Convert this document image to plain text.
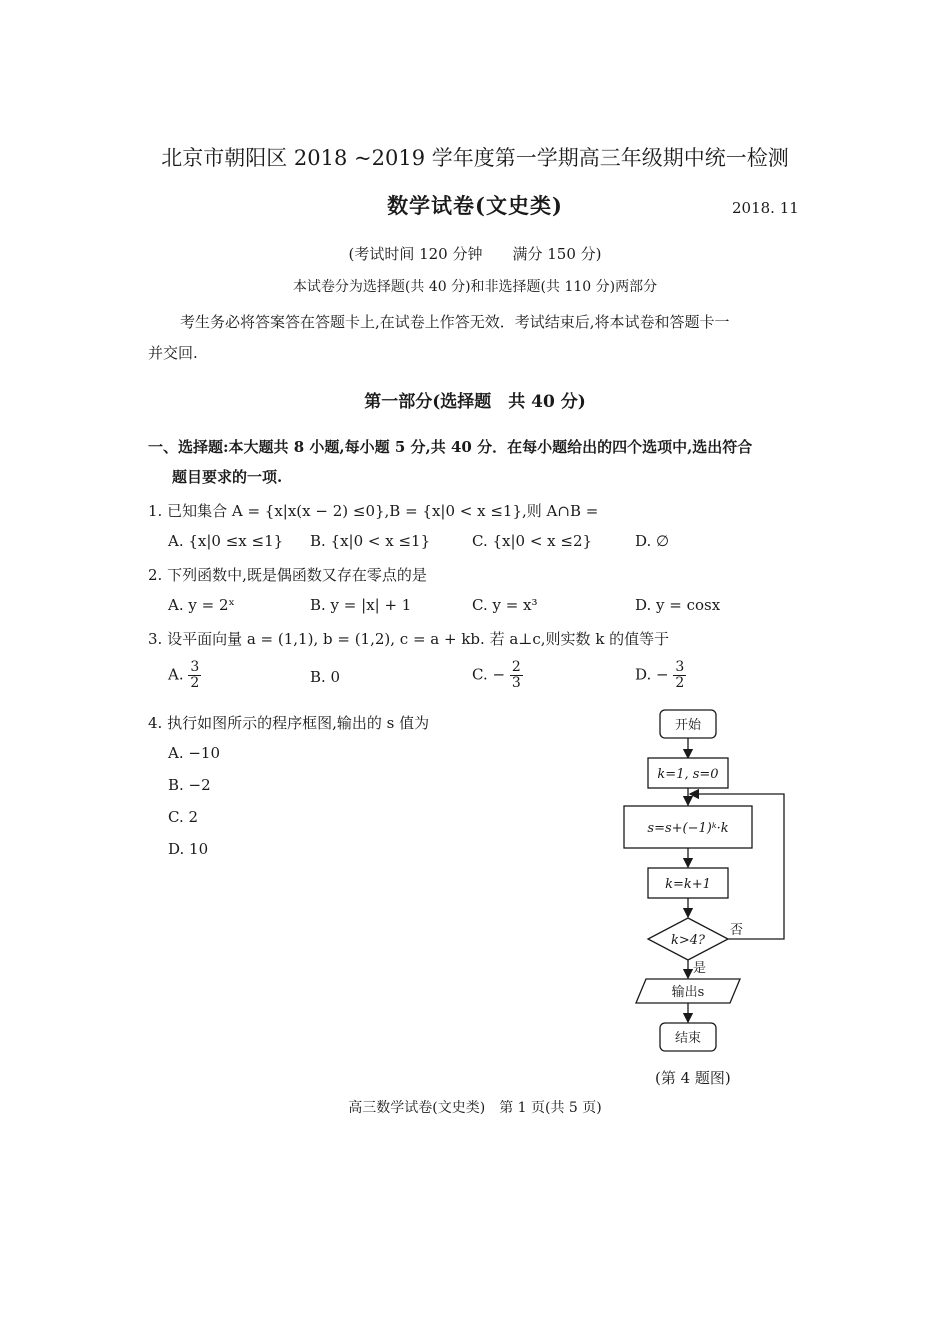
北京市朝阳区 2018 ~2019 学年度第一学期高三年级期中统一检测
数学试卷(文史类)	2018. 11
(考试时间 120 分钟　　满分 150 分)
本试卷分为选择题(共 40 分)和非选择题(共 110 分)两部分
考生务必将答案答在答题卡上,在试卷上作答无效．考试结束后,将本试卷和答题卡一
并交回.
第一部分(选择题　共 40 分)
一、选择题:本大题共 8 小题,每小题 5 分,共 40 分．在每小题给出的四个选项中,选出符合
题目要求的一项.
1. 已知集合 A = {x|x(x − 2) ≤0},B = {x|0 < x ≤1},则 A∩B =
A. {x|0 ≤x ≤1} B. {x|0 < x ≤1}	C. {x|0 < x ≤2}	D. ∅
2. 下列函数中,既是偶函数又存在零点的是
A. y = 2ˣ	B. y = |x| + 1	C. y = x³	D. y = cosx
3. 设平面向量 a = (1,1), b = (1,2), c = a + kb. 若 a⊥c,则实数 k 的值等于
A. $\frac{3}{2}$	B. 0	C. − $\frac{2}{3}$	D. − $\frac{3}{2}$
4. 执行如图所示的程序框图,输出的 s 值为
A. −10
B. −2
C. 2
D. 10
开始
k=1, s=0
s=s+(−1)ᵏ·k
k=k+1
k>4?
否
是
输出s
结束
(第 4 题图)
高三数学试卷(文史类)　第 1 页(共 5 页)
